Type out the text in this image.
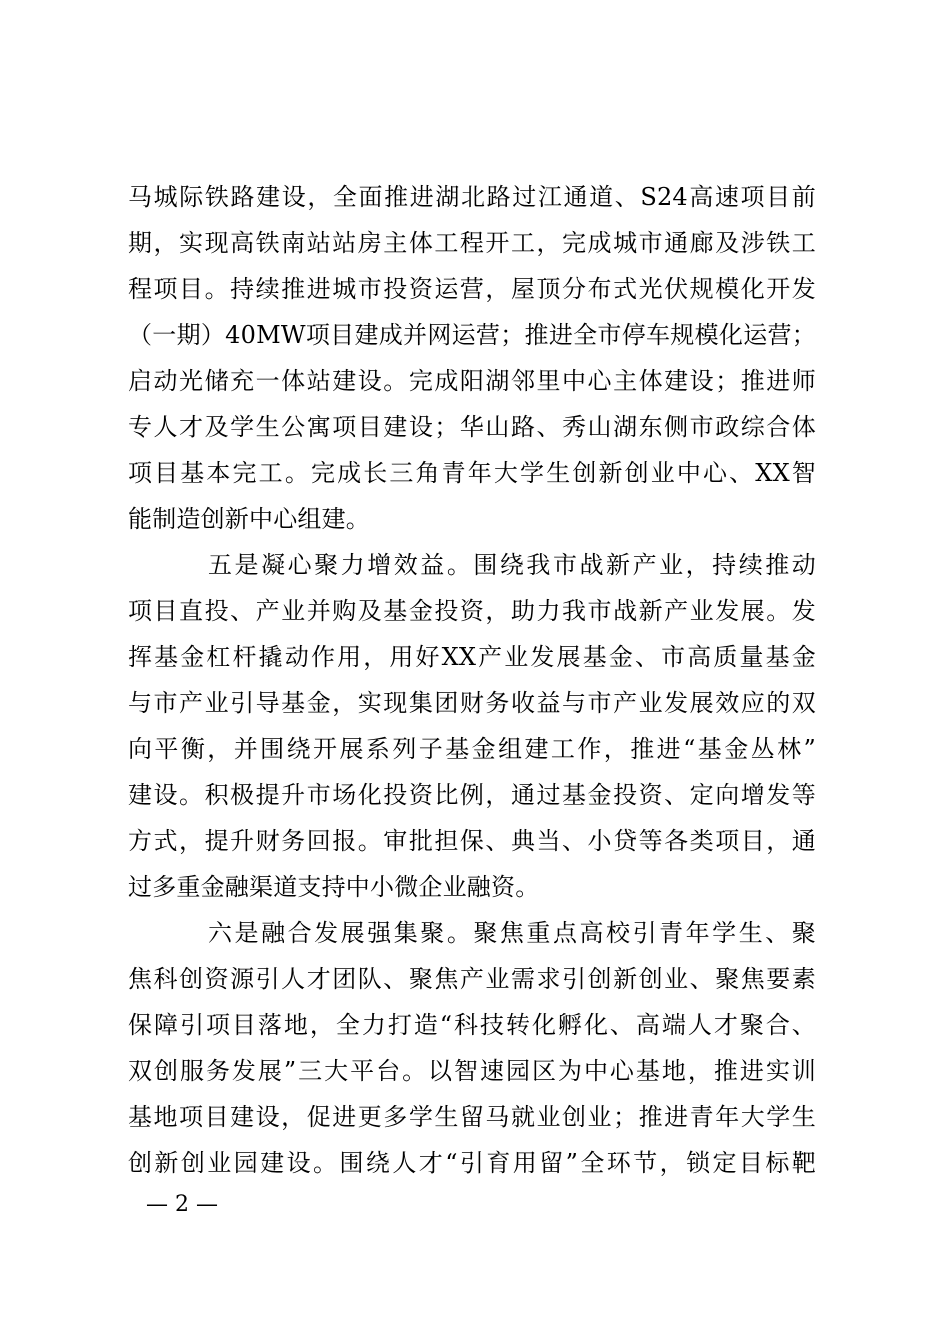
马城际铁路建设，全面推进湖北路过江通道、S24高速项目前
期，实现高铁南站站房主体工程开工，完成城市通廊及涉铁工
程项目。持续推进城市投资运营，屋顶分布式光伏规模化开发
（一期）40MW项目建成并网运营；推进全市停车规模化运营；
启动光储充一体站建设。完成阳湖邻里中心主体建设；推进师
专人才及学生公寓项目建设；华山路、秀山湖东侧市政综合体
项目基本完工。完成长三角青年大学生创新创业中心、XX智
能制造创新中心组建。
五是凝心聚力增效益。围绕我市战新产业，持续推动
项目直投、产业并购及基金投资，助力我市战新产业发展。发
挥基金杠杆撬动作用，用好XX产业发展基金、市高质量基金
与市产业引导基金，实现集团财务收益与市产业发展效应的双
向平衡，并围绕开展系列子基金组建工作，推进“基金丛林”
建设。积极提升市场化投资比例，通过基金投资、定向增发等
方式，提升财务回报。审批担保、典当、小贷等各类项目，通
过多重金融渠道支持中小微企业融资。
六是融合发展强集聚。聚焦重点高校引青年学生、聚
焦科创资源引人才团队、聚焦产业需求引创新创业、聚焦要素
保障引项目落地，全力打造“科技转化孵化、高端人才聚合、
双创服务发展”三大平台。以智速园区为中心基地，推进实训
基地项目建设，促进更多学生留马就业创业；推进青年大学生
创新创业园建设。围绕人才“引育用留”全环节，锁定目标靶
— 2 —
